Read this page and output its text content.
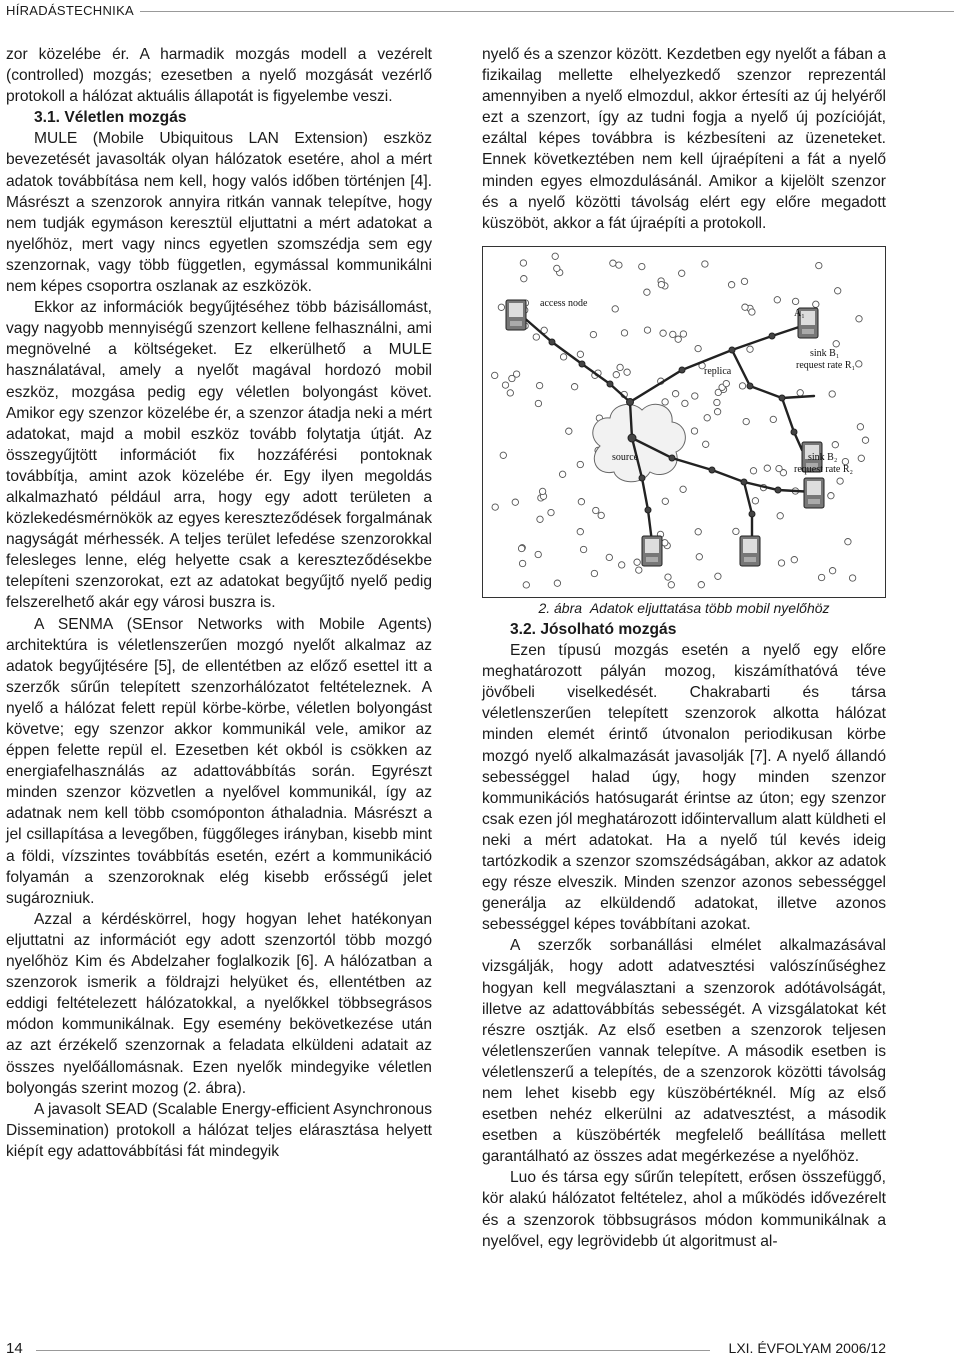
HÍRADÁSTECHNIKA

zor közelébe ér. A harmadik mozgás modell a vezérelt (controlled) mozgás; ezesetben a nyelő mozgását vezérlő protokoll a hálózat aktuális állapotát is figyelembe veszi.

3.1. Véletlen mozgás

MULE (Mobile Ubiquitous LAN Extension) eszköz bevezetését javasolták olyan hálózatok esetére, ahol a mért adatok továbbítása nem kell, hogy valós időben történjen [4]. Másrészt a szenzorok annyira ritkán vannak telepítve, hogy nem tudják egymáson keresztül eljuttatni a mért adatokat a nyelőhöz, mert vagy nincs egyetlen szomszédja sem egy szenzornak, vagy több független, egymással kommunikálni nem képes csoportra oszlanak az eszközök.

Ekkor az információk begyűjtéséhez több bázisállomást, vagy nagyobb mennyiségű szenzort kellene felhasználni, ami megnövelné a költségeket. Ez elkerülhető a MULE használatával, amely a nyelőt magával hordozó mobil eszköz, mozgása pedig egy véletlen bolyongást követ. Amikor egy szenzor közelébe ér, a szenzor átadja neki a mért adatokat, majd a mobil eszköz tovább folytatja útját. Az összegyűjtött információt fix hozzáférési pontoknak továbbítja, amint azok közelébe ér. Egy ilyen megoldás alkalmazható például arra, hogy egy adott területen a közlekedésmérnökök az egyes kereszteződések forgalmának nagyságát mérhessék. A teljes terület lefedése szenzorokkal felesleges lenne, elég helyette csak a kereszteződésekbe telepíteni szenzorokat, ezt az adatokat begyűjtő nyelő pedig felszerelhető akár egy városi buszra is.

A SENMA (SEnsor Networks with Mobile Agents) architektúra is véletlenszerűen mozgó nyelőt alkalmaz az adatok begyűjtésére [5], de ellentétben az előző esettel itt a szerzők sűrűn telepített szenzorhálózatot feltételeznek. A nyelő a hálózat felett repül körbe-körbe, véletlen bolyongást követve; egy szenzor akkor kommunikál vele, amikor az éppen felette repül el. Ezesetben két okból is csökken az energiafelhasználás az adattovábbítás során. Egyrészt minden szenzor közvetlen a nyelővel kommunikál, így az adatnak nem kell több csomóponton áthaladnia. Másrészt a jel csillapítása a levegőben, függőleges irányban, kisebb mint a földi, vízszintes továbbítás esetén, ezért a kommunikáció folyamán a szenzoroknak elég kisebb erősségű jelet sugározniuk.

Azzal a kérdéskörrel, hogy hogyan lehet hatékonyan eljuttatni az információt egy adott szenzortól több mozgó nyelőhöz Kim és Abdelzaher foglalkozik [6]. A hálózatban a szenzorok ismerik a földrajzi helyüket és, ellentétben az eddigi feltételezett hálózatokkal, a nyelőkkel többsegrásos módon kommunikálnak. Egy esemény bekövetkezése után az azt érzékelő szenzornak a feladata elküldeni adatait az összes nyelőállomásnak. Ezen nyelők mindegyike véletlen bolyongás szerint mozog (2. ábra).

A javasolt SEAD (Scalable Energy-efficient Asynchronous Dissemination) protokoll a hálózat teljes elárasztása helyett kiépít egy adattovábbítási fát mindegyik

nyelő és a szenzor között. Kezdetben egy nyelőt a fában a fizikailag mellette elhelyezkedő szenzor reprezentál amennyiben a nyelő elmozdul, akkor értesíti az új helyéről ezt a szenzort, így az tudni fogja a nyelő új pozícióját, ezáltal képes továbbra is kézbesíteni az üzeneteket. Ennek következtében nem kell újraépíteni a fát a nyelő minden egyes elmozdulásánál. Amikor a kijelölt szenzor és a nyelő közötti távolság elért egy előre megadott küszöböt, akkor a fát újraépíti a protokoll.

access node
A₁
replica
sink B₁
request rate R₁
source	sink B₂
request rate R₂

2. ábra Adatok eljuttatása több mobil nyelőhöz

3.2. Jósolható mozgás

Ezen típusú mozgás esetén a nyelő egy előre meghatározott pályán mozog, kiszámíthatóvá téve jövőbeli viselkedését. Chakrabarti és társa véletlenszerűen telepített szenzorok alkotta hálózat minden elemét érintő útvonalon periodikusan körbe mozgó nyelő alkalmazását javasolják [7]. A nyelő állandó sebességgel halad úgy, hogy minden szenzor kommunikációs hatósugarát érintse az úton; egy szenzor csak ezen jól meghatározott időintervallum alatt küldheti el neki a mért adatokat. Ha a nyelő túl kevés ideig tartózkodik a szenzor szomszédságában, akkor az adatok egy része elveszik. Minden szenzor azonos sebességgel generálja az elküldendő adatokat, illetve azonos sebességgel képes továbbítani azokat.

A szerzők sorbanállási elmélet alkalmazásával vizsgálják, hogy adott adatvesztési valószínűséghez hogyan kell megválasztani a szenzorok adótávolságát, illetve az adattovábbítás sebességét. A vizsgálatokat két részre osztják. Az első esetben a szenzorok teljesen véletlenszerűen vannak telepítve. A második esetben is véletlenszerű a telepítés, de a szenzorok közötti távolság nem lehet kisebb egy küszöbértéknél. Míg az első esetben nehéz elkerülni az adatvesztést, a második esetben a küszöbérték megfelelő beállítása mellett garantálható az összes adat megérkezése a nyelőhöz.

Luo és társa egy sűrűn telepített, erősen összefüggő, kör alakú hálózatot feltételez, ahol a működés idővezérelt és a szenzorok többsugrásos módon kommunikálnak a nyelővel, egy legrövidebb út algoritmust al-

14	LXI. ÉVFOLYAM 2006/12
